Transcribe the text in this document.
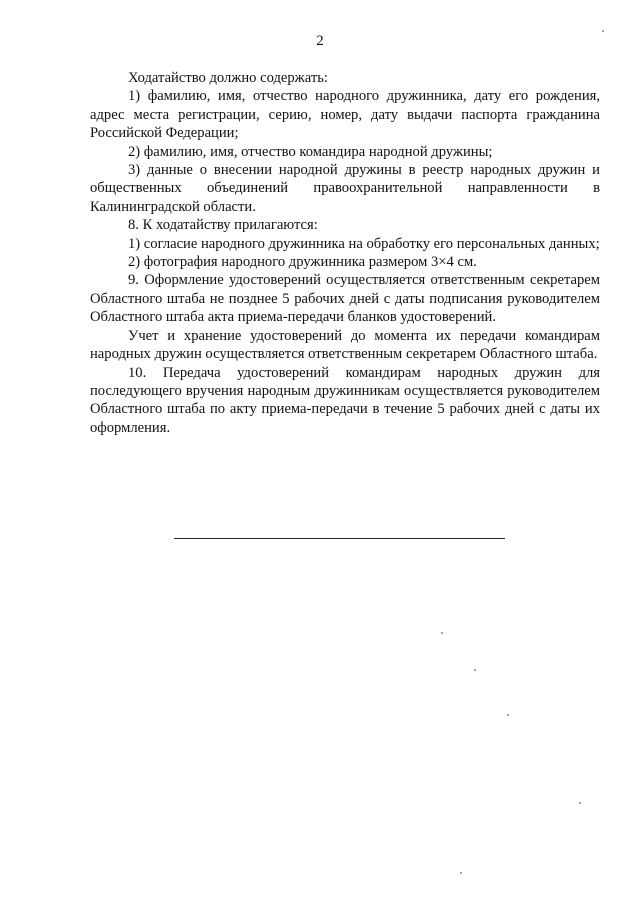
2

Ходатайство должно содержать:

1) фамилию, имя, отчество народного дружинника, дату его рождения, адрес места регистрации, серию, номер, дату выдачи паспорта гражданина Российской Федерации;

2) фамилию, имя, отчество командира народной дружины;

3) данные о внесении народной дружины в реестр народных дружин и общественных объединений правоохранительной направленности в Калининградской области.

8. К ходатайству прилагаются:

1) согласие народного дружинника на обработку его персональных данных;

2) фотография народного дружинника размером 3×4 см.

9. Оформление удостоверений осуществляется ответственным секретарем Областного штаба не позднее 5 рабочих дней с даты подписания руководителем Областного штаба акта приема-передачи бланков удостоверений.

Учет и хранение удостоверений до момента их передачи командирам народных дружин осуществляется ответственным секретарем Областного штаба.

10. Передача удостоверений командирам народных дружин для последующего вручения народным дружинникам осуществляется руководителем Областного штаба по акту приема-передачи в течение 5 рабочих дней с даты их оформления.
